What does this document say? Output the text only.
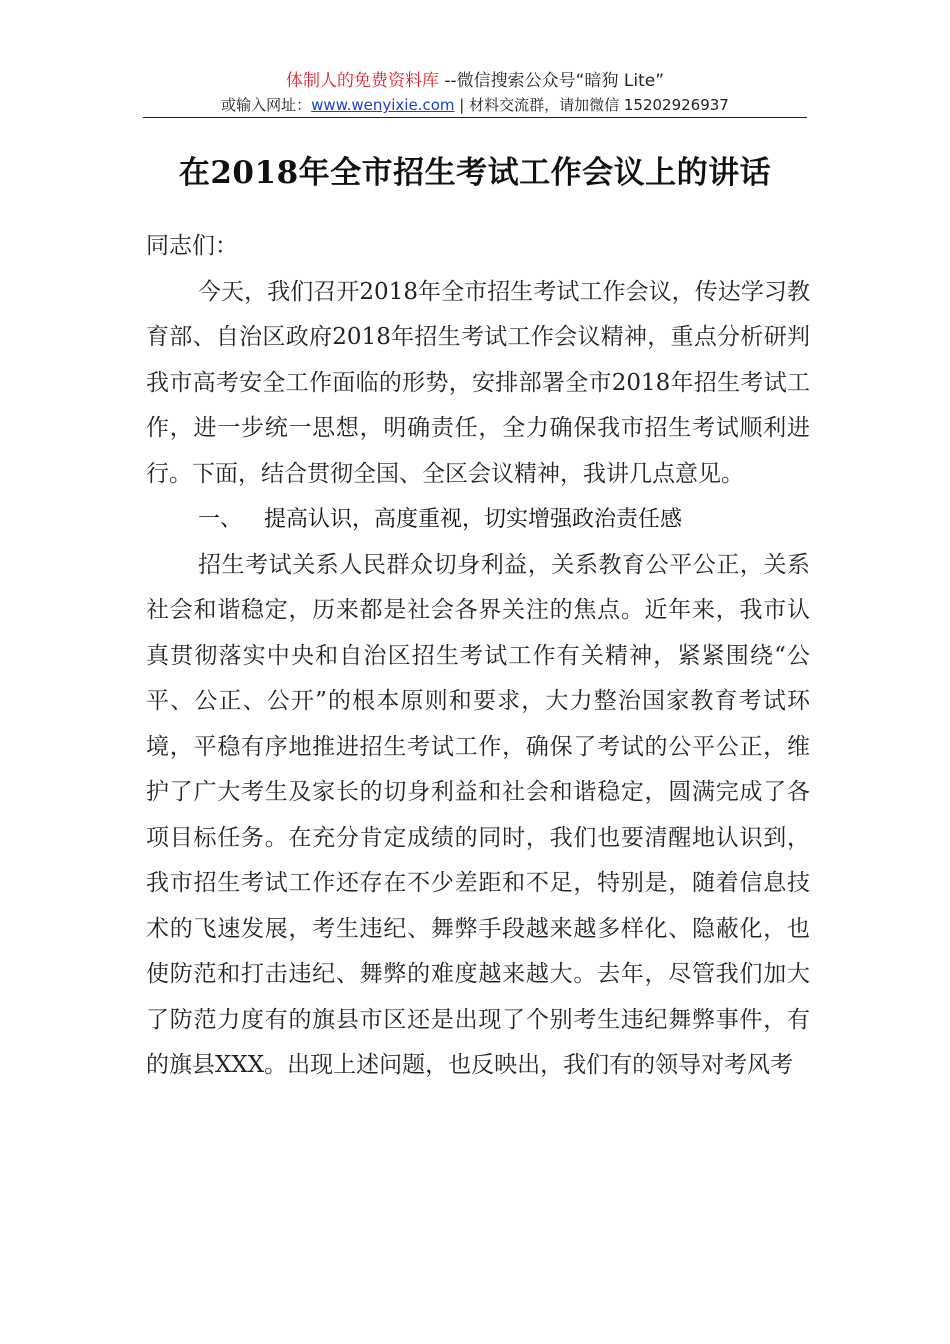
体制人的免费资料库 --微信搜索公众号“暗狗 Lite”
或输入网址：www.wenyixie.com | 材料交流群，请加微信 15202926937
在2018年全市招生考试工作会议上的讲话

同志们：

今天，我们召开2018年全市招生考试工作会议，传达学习教育部、自治区政府2018年招生考试工作会议精神，重点分析研判我市高考安全工作面临的形势，安排部署全市2018年招生考试工作，进一步统一思想，明确责任，全力确保我市招生考试顺利进行。下面，结合贯彻全国、全区会议精神，我讲几点意见。

一、 提高认识，高度重视，切实增强政治责任感

招生考试关系人民群众切身利益，关系教育公平公正，关系社会和谐稳定，历来都是社会各界关注的焦点。近年来，我市认真贯彻落实中央和自治区招生考试工作有关精神，紧紧围绕“公平、公正、公开”的根本原则和要求，大力整治国家教育考试环境，平稳有序地推进招生考试工作，确保了考试的公平公正，维护了广大考生及家长的切身利益和社会和谐稳定，圆满完成了各项目标任务。在充分肯定成绩的同时，我们也要清醒地认识到，我市招生考试工作还存在不少差距和不足，特别是，随着信息技术的飞速发展，考生违纪、舞弊手段越来越多样化、隐蔽化，也使防范和打击违纪、舞弊的难度越来越大。去年，尽管我们加大了防范力度有的旗县市区还是出现了个别考生违纪舞弊事件，有的旗县XXX。出现上述问题，也反映出，我们有的领导对考风考
